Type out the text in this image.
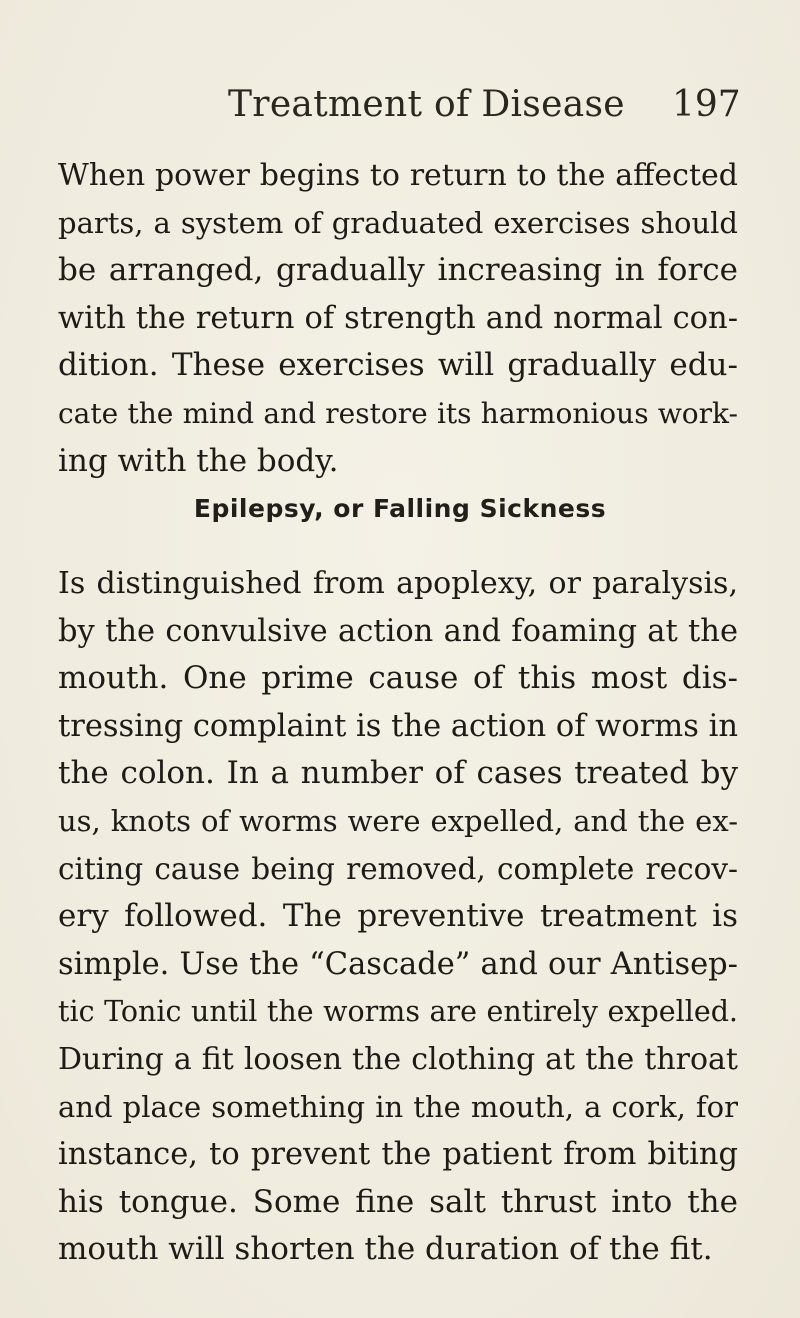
Treatment of Disease 197
When power begins to return to the affected
parts, a system of graduated exercises should
be arranged, gradually increasing in force
with the return of strength and normal con-
dition. These exercises will gradually edu-
cate the mind and restore its harmonious work-
ing with the body.
Epilepsy, or Falling Sickness
Is distinguished from apoplexy, or paralysis,
by the convulsive action and foaming at the
mouth. One prime cause of this most dis-
tressing complaint is the action of worms in
the colon. In a number of cases treated by
us, knots of worms were expelled, and the ex-
citing cause being removed, complete recov-
ery followed. The preventive treatment is
simple. Use the “Cascade” and our Antisep-
tic Tonic until the worms are entirely expelled.
During a fit loosen the clothing at the throat
and place something in the mouth, a cork, for
instance, to prevent the patient from biting
his tongue. Some fine salt thrust into the
mouth will shorten the duration of the fit.
